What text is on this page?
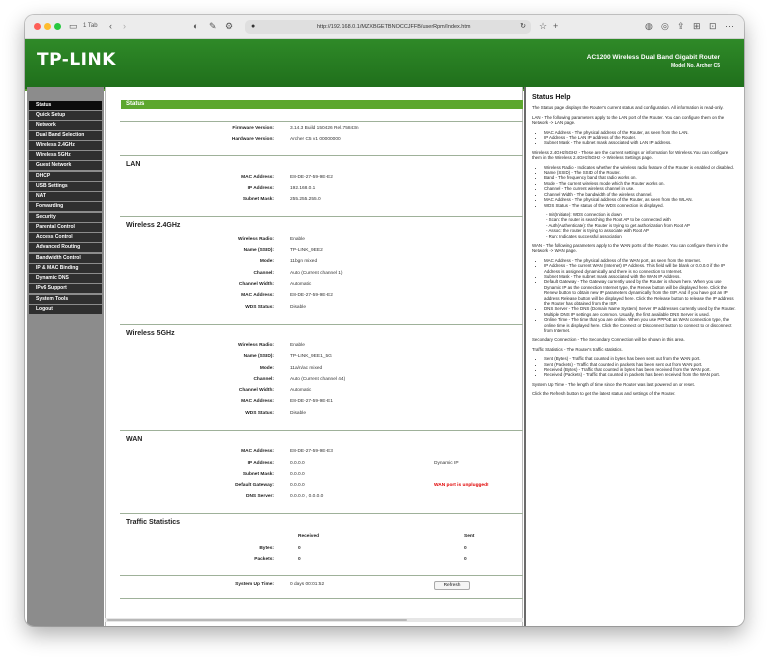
▭ 1 Tab ‹ ›	◐ ✎ ⚙	●	http://192.168.0.1/MZXBGETBNOCCJFFB/userRpm/Index.htm	↻ ☆ +	◍ ◎ ⇪ ⊞ ⊡ ⋯
TP-LINK	AC1200 Wireless Dual Band Gigabit Router
Model No. Archer C5
Status
Quick Setup
Network
Dual Band Selection
Wireless 2.4GHz
Wireless 5GHz
Guest Network
DHCP
USB Settings
NAT
Forwarding
Security
Parental Control
Access Control
Advanced Routing
Bandwidth Control
IP & MAC Binding
Dynamic DNS
IPv6 Support
System Tools
Logout
Status
Firmware Version:	3.14.3 Build 150426 Rel.75843n
Hardware Version:	Archer C5 v1 00000000
LAN
MAC Address:	E8-DE-27-59-9E-E2
IP Address:	192.168.0.1
Subnet Mask:	255.255.255.0
Wireless 2.4GHz
Wireless Radio:	Enable
Name (SSID):	TP-LINK_9EE2
Mode:	11bgn mixed
Channel:	Auto (Current channel 1)
Channel Width:	Automatic
MAC Address:	E8-DE-27-59-9E-E2
WDS Status:	Disable
Wireless 5GHz
Wireless Radio:	Enable
Name (SSID):	TP-LINK_9EE1_5G
Mode:	11a/n/ac mixed
Channel:	Auto (Current channel 44)
Channel Width:	Automatic
MAC Address:	E8-DE-27-59-9E-E1
WDS Status:	Disable
WAN
MAC Address:	E8-DE-27-59-9E-E3
IP Address:	0.0.0.0	Dynamic IP
Subnet Mask:	0.0.0.0
Default Gateway:	0.0.0.0	WAN port is unplugged!
DNS Server:	0.0.0.0 , 0.0.0.0
Traffic Statistics
Received	Sent
Bytes:	0	0
Packets:	0	0
System Up Time:	0 days 00:01:52	Refresh
Status Help

The Status page displays the Router's current status and configuration. All information is read-only.

LAN - The following parameters apply to the LAN port of the Router. You can configure them on the Network -> LAN page.

• MAC Address - The physical address of the Router, as seen from the LAN.
• IP Address - The LAN IP address of the Router.
• Subnet Mask - The subnet mask associated with LAN IP address.

Wireless 2.4GHz/5GHz - These are the current settings or information for Wireless.You can configure them in the Wireless 2.4GHz/5GHz -> Wireless Settings page.

• Wireless Radio - Indicates whether the wireless radio feature of the Router is enabled or disabled.
• Name (SSID) - The SSID of the Router.
• Band - The frequency band that radio works on.
• Mode - The current wireless mode which the Router works on.
• Channel - The current wireless channel in use.
• Channel Width - The bandwidth of the wireless channel.
• MAC Address - The physical address of the Router, as seen from the WLAN.
• WDS Status - The status of the WDS connection is displayed.

- Init(Initiate): WDS connection is down
- Scan: the router is searching the Root AP to be connected with
- Auth(Authenticate): the Router is trying to get authorization from Root AP
- Assoc: the router is trying to associate with Root AP
- Run: Indicates successful association

WAN - The following parameters apply to the WAN ports of the Router. You can configure them in the Network -> WAN page.

• MAC Address - The physical address of the WAN port, as seen from the Internet.
• IP Address - The current WAN (Internet) IP Address. This field will be blank or 0.0.0.0 if the IP Address is assigned dynamically and there is no connection to Internet.
• Subnet Mask - The subnet mask associated with the WAN IP Address.
• Default Gateway - The Gateway currently used by the Router is shown here. When you use Dynamic IP as the connection Internet type, the Renew button will be displayed here. Click the Renew button to obtain new IP parameters dynamically from the ISP. And if you have got an IP address Release button will be displayed here. Click the Release button to release the IP address the Router has obtained from the ISP.
• DNS Server - The DNS (Domain Name System) Server IP addresses currently used by the Router. Multiple DNS IP settings are common. Usually, the first available DNS Server is used.
• Online Time - The time that you are online. When you use PPPoE as WAN connection type, the online time is displayed here. Click the Connect or Disconnect button to connect to or disconnect from Internet.

Secondary Connection - The Secondary Connection will be shown in this area.

Traffic Statistics - The Router's traffic statistics.

• Sent (Bytes) - Traffic that counted in bytes has been sent out from the WAN port.
• Sent (Packets) - Traffic that counted in packets has been sent out from WAN port.
• Received (Bytes) - Traffic that counted in bytes has been received from the WAN port.
• Received (Packets) - Traffic that counted in packets has been received from the WAN port.

System Up Time - The length of time since the Router was last powered on or reset.

Click the Refresh button to get the latest status and settings of the Router.
